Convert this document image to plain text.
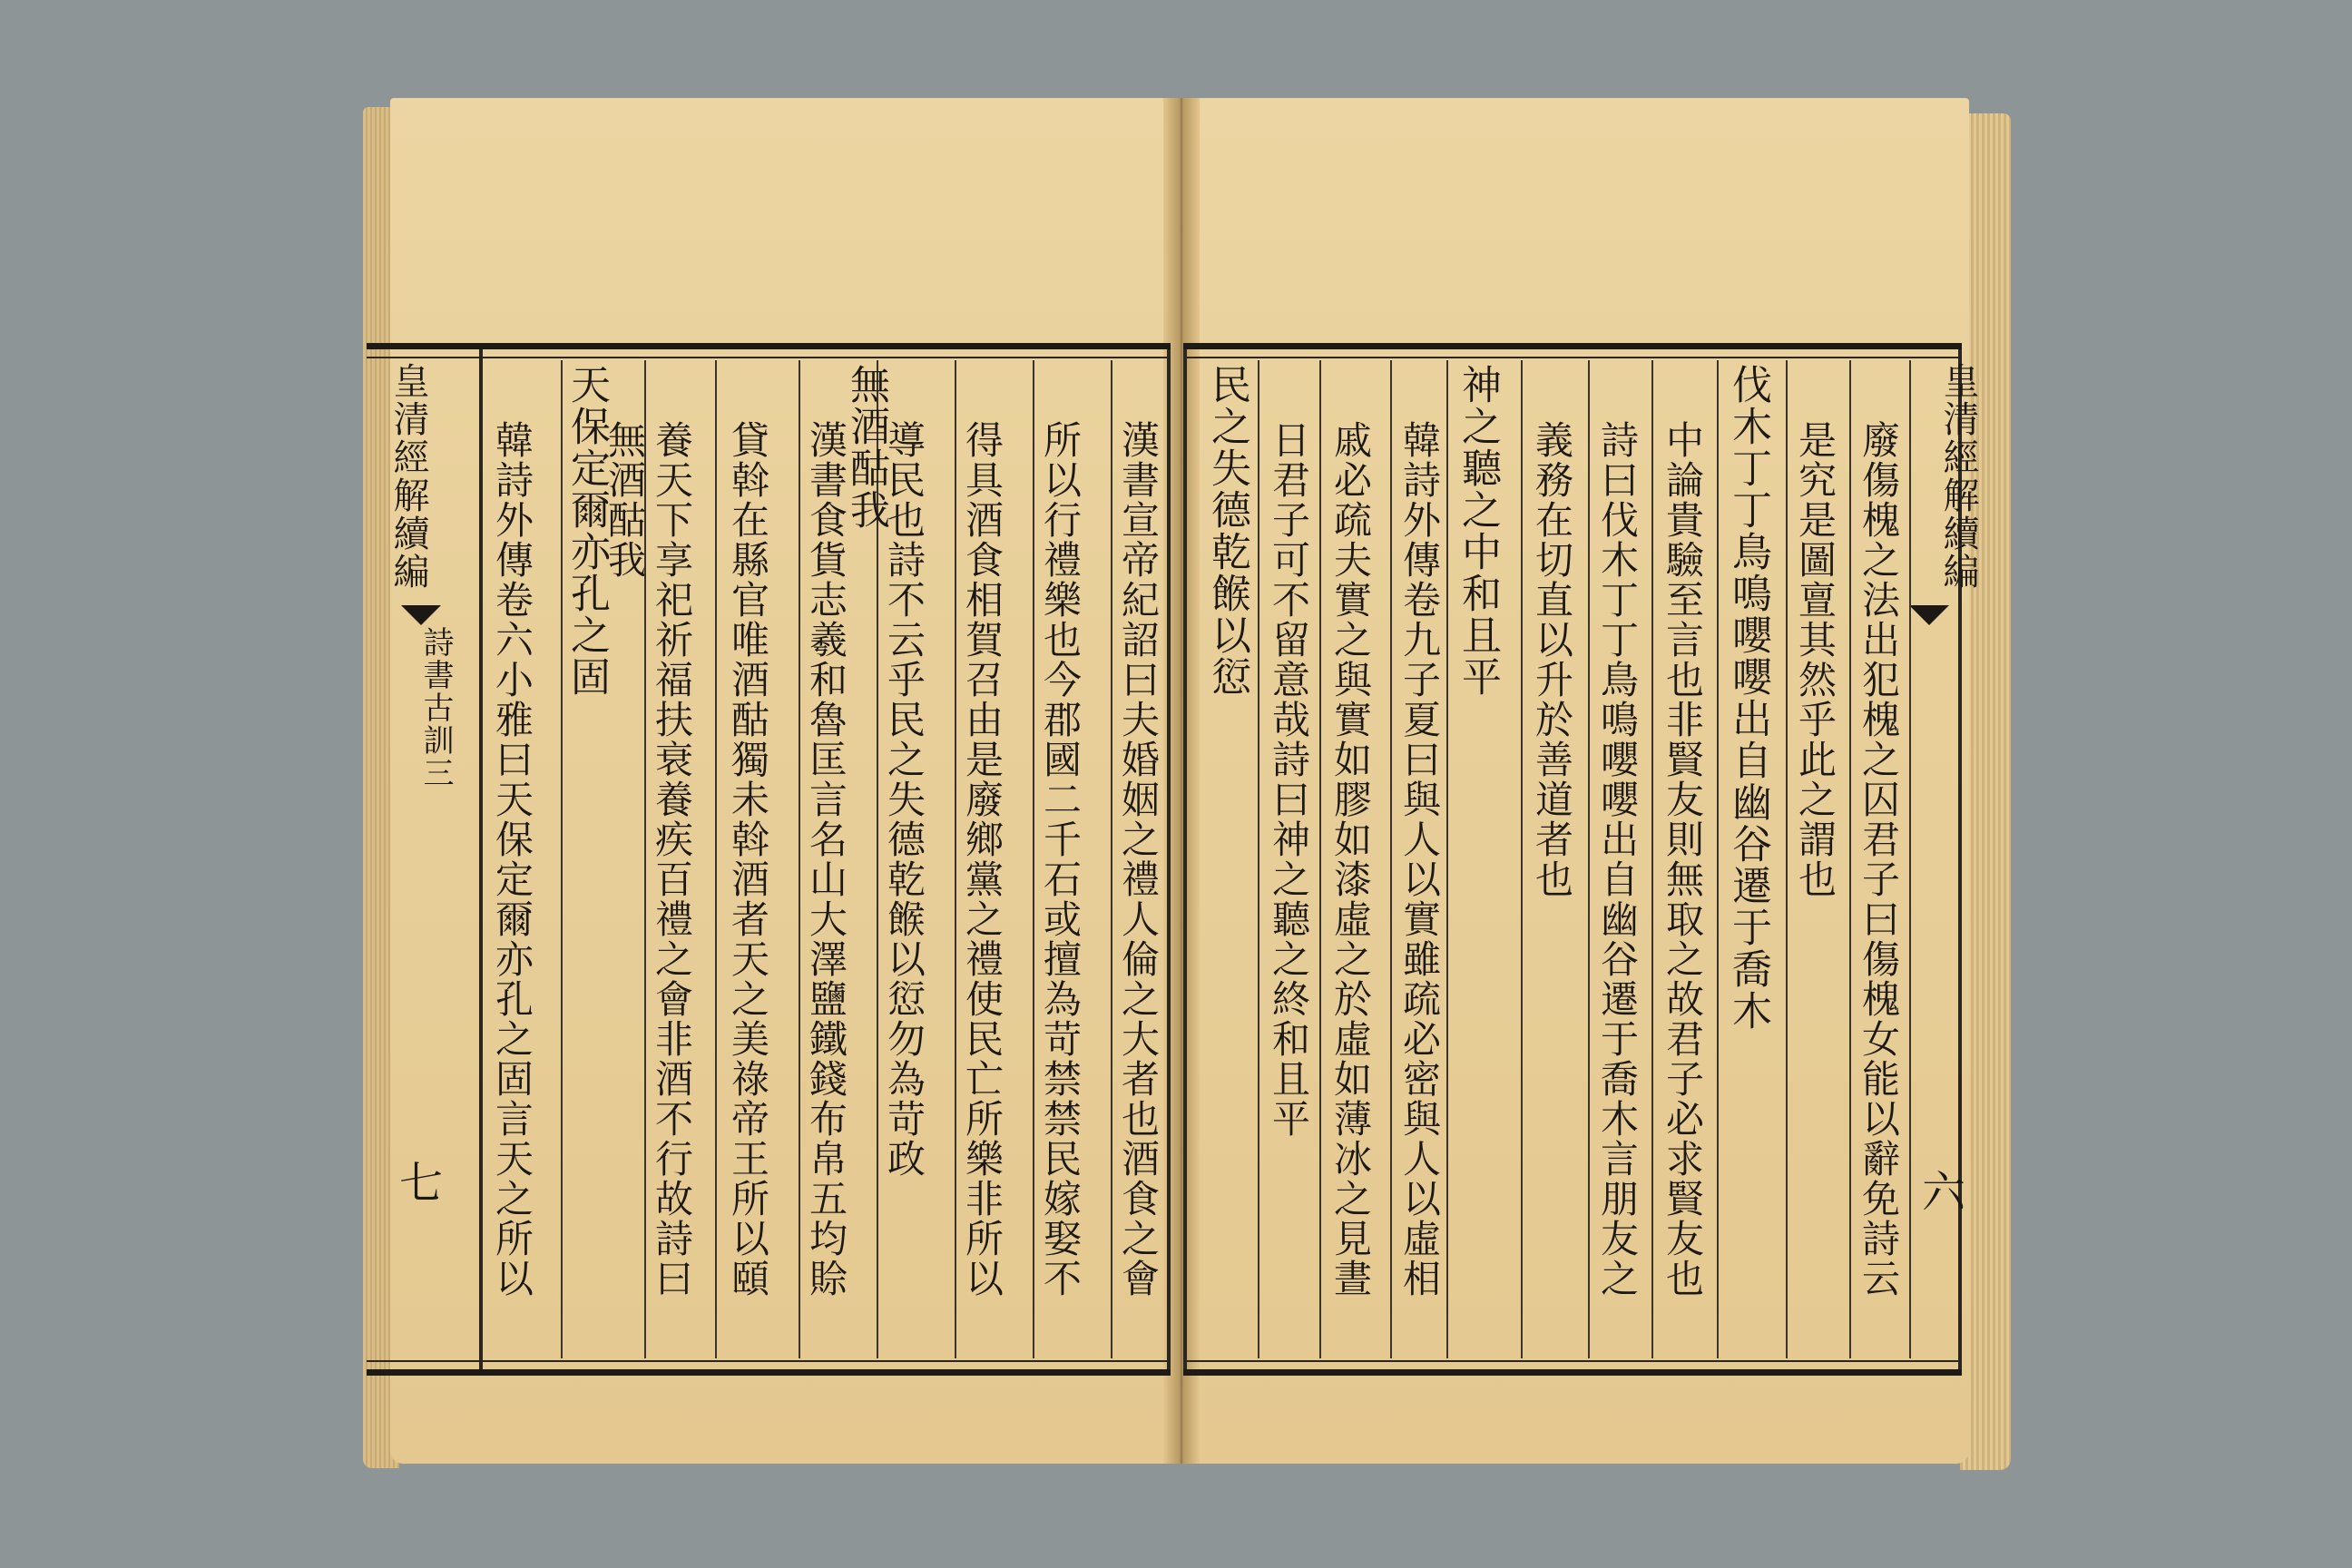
皇清經解續編
詩書古訓三
七	漢書宣帝紀詔曰夫婚姻之禮人倫之大者也酒食之會
所以行禮樂也今郡國二千石或擅為苛禁禁民嫁娶不
得具酒食相賀召由是廢鄉黨之禮使民亡所樂非所以
導民也詩不云乎民之失德乾餱以愆勿為苛政
無酒酤我
漢書食貨志羲和魯匡言名山大澤鹽鐵錢布帛五均賒
貸斡在縣官唯酒酤獨未斡酒者天之美祿帝王所以頤
養天下享祀祈福扶衰養疾百禮之會非酒不行故詩曰
無酒酤我
天保定爾亦孔之固
韓詩外傳卷六小雅曰天保定爾亦孔之固言天之所以	皇清經解續編
六
廢傷槐之法出犯槐之囚君子曰傷槐女能以辭免詩云
是究是圖亶其然乎此之謂也
伐木丁丁鳥鳴嚶嚶出自幽谷遷于喬木
中論貴驗至言也非賢友則無取之故君子必求賢友也
詩曰伐木丁丁鳥鳴嚶嚶出自幽谷遷于喬木言朋友之
義務在切直以升於善道者也
神之聽之中和且平
韓詩外傳卷九子夏曰與人以實雖疏必密與人以虛相
戚必疏夫實之與實如膠如漆虛之於虛如薄冰之見晝
日君子可不留意哉詩曰神之聽之終和且平
民之失德乾餱以愆
